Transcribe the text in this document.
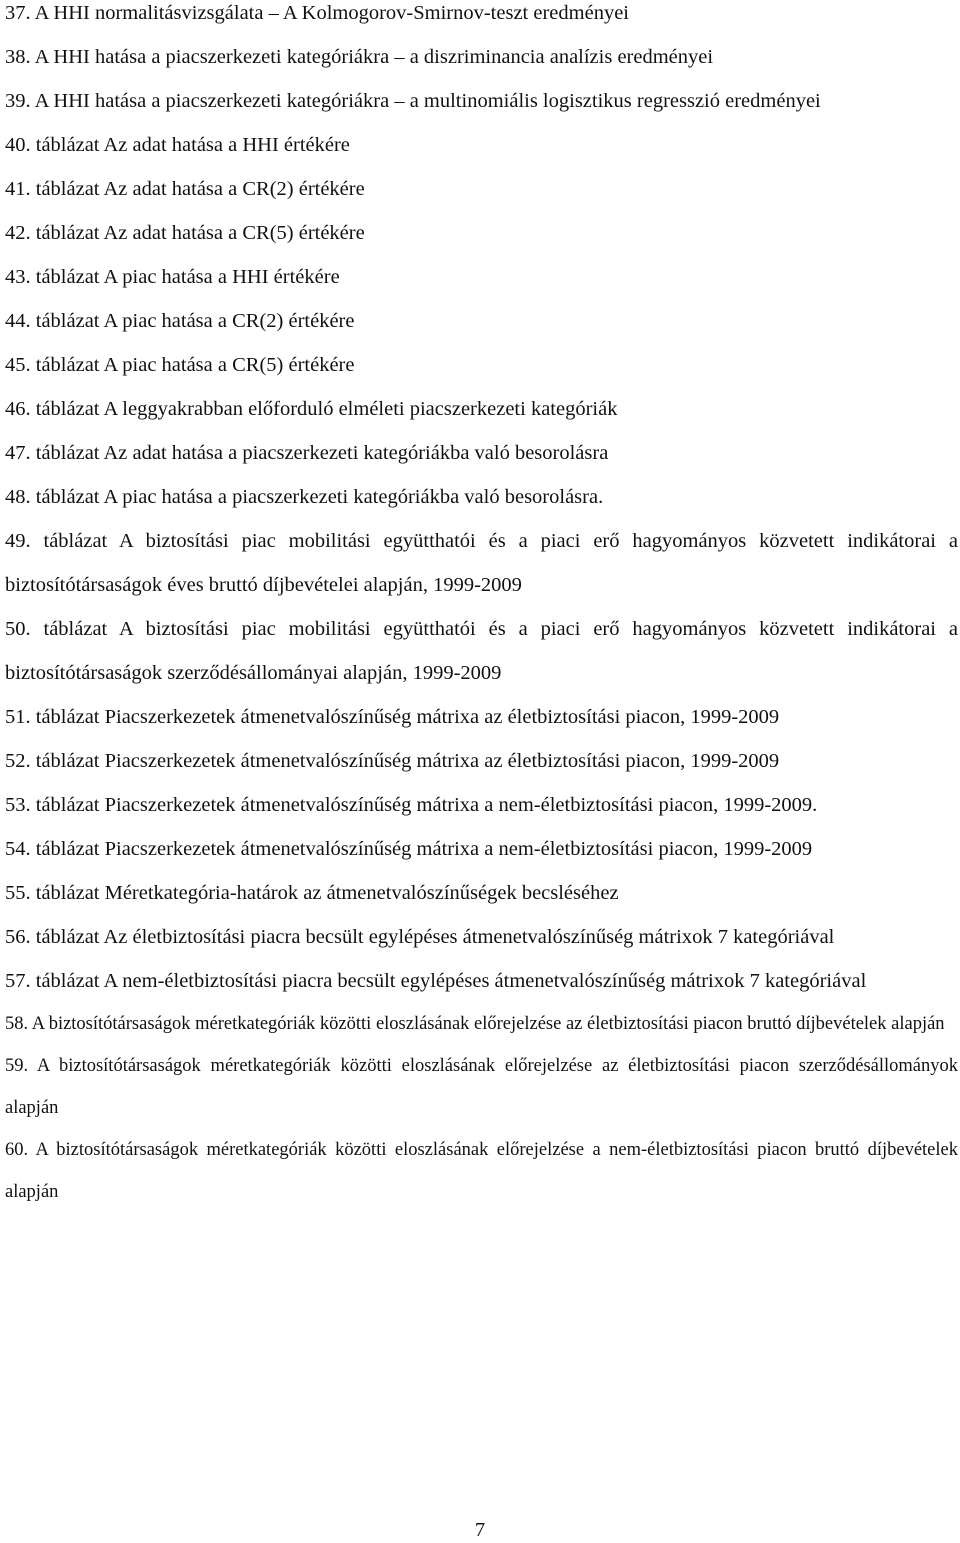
37. A HHI normalitásvizsgálata – A Kolmogorov-Smirnov-teszt eredményei

38. A HHI hatása a piacszerkezeti kategóriákra – a diszriminancia analízis eredményei

39. A HHI hatása a piacszerkezeti kategóriákra – a multinomiális logisztikus regresszió eredményei

40. táblázat Az adat hatása a HHI értékére

41. táblázat Az adat hatása a CR(2) értékére

42. táblázat Az adat hatása a CR(5) értékére

43. táblázat A piac hatása a HHI értékére

44. táblázat A piac hatása a CR(2) értékére

45. táblázat A piac hatása a CR(5) értékére

46. táblázat A leggyakrabban előforduló elméleti piacszerkezeti kategóriák

47. táblázat Az adat hatása a piacszerkezeti kategóriákba való besorolásra

48. táblázat A piac hatása a piacszerkezeti kategóriákba való besorolásra.

49. táblázat A biztosítási piac mobilitási együtthatói és a piaci erő hagyományos közvetett indikátorai a biztosítótársaságok éves bruttó díjbevételei alapján, 1999-2009

50. táblázat A biztosítási piac mobilitási együtthatói és a piaci erő hagyományos közvetett indikátorai a biztosítótársaságok szerződésállományai alapján, 1999-2009

51. táblázat Piacszerkezetek átmenetvalószínűség mátrixa az életbiztosítási piacon, 1999-2009

52. táblázat Piacszerkezetek átmenetvalószínűség mátrixa az életbiztosítási piacon, 1999-2009

53. táblázat Piacszerkezetek átmenetvalószínűség mátrixa a nem-életbiztosítási piacon, 1999-2009.

54. táblázat Piacszerkezetek átmenetvalószínűség mátrixa a nem-életbiztosítási piacon, 1999-2009

55. táblázat Méretkategória-határok az átmenetvalószínűségek becsléséhez

56. táblázat Az életbiztosítási piacra becsült egylépéses átmenetvalószínűség mátrixok 7 kategóriával

57. táblázat A nem-életbiztosítási piacra becsült egylépéses átmenetvalószínűség mátrixok 7 kategóriával

58. A biztosítótársaságok méretkategóriák közötti eloszlásának előrejelzése az életbiztosítási piacon bruttó díjbevételek alapján

59. A biztosítótársaságok méretkategóriák közötti eloszlásának előrejelzése az életbiztosítási piacon szerződésállományok alapján

60. A biztosítótársaságok méretkategóriák közötti eloszlásának előrejelzése a nem-életbiztosítási piacon bruttó díjbevételek alapján

7
